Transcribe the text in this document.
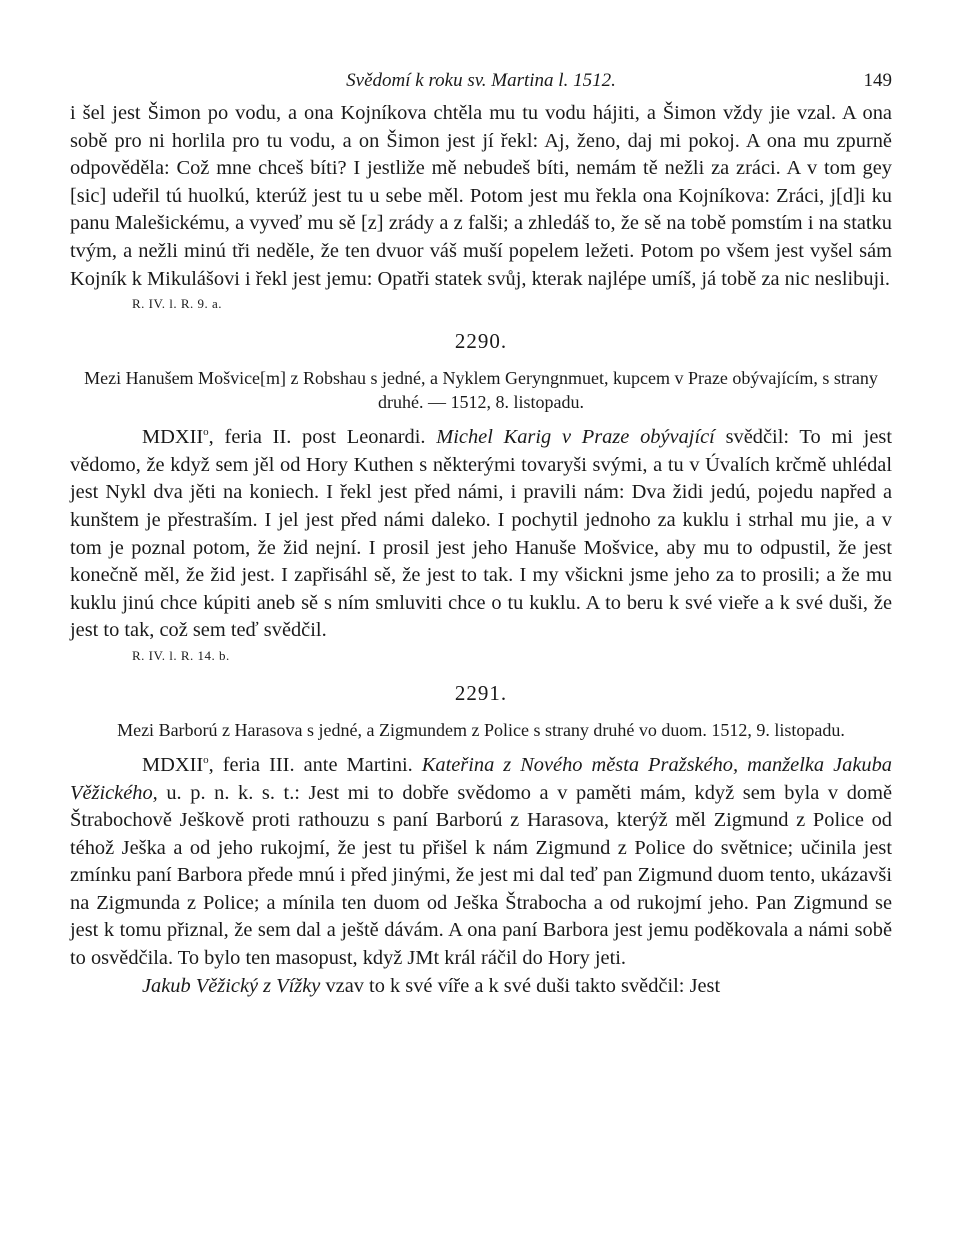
Svědomí k roku sv. Martina l. 1512.	149

i šel jest Šimon po vodu, a ona Kojníkova chtěla mu tu vodu hájiti, a Šimon vždy jie vzal. A ona sobě pro ni horlila pro tu vodu, a on Šimon jest jí řekl: Aj, ženo, daj mi pokoj. A ona mu zpurně odpověděla: Což mne chceš bíti? I jestliže mě nebudeš bíti, nemám tě nežli za zráci. A v tom gey [sic] udeřil tú huolkú, kterúž jest tu u sebe měl. Potom jest mu řekla ona Kojníkova: Zráci, j[d]i ku panu Malešickému, a vyveď mu sě [z] zrády a z falši; a zhledáš to, že sě na tobě pomstím i na statku tvým, a nežli minú tři neděle, že ten dvuor váš muší popelem ležeti. Potom po všem jest vyšel sám Kojník k Mikulášovi i řekl jest jemu: Opatři statek svůj, kterak najlépe umíš, já tobě za nic neslibuji.

R. IV. l. R. 9. a.

2290.
Mezi Hanušem Mošvice[m] z Robshau s jedné, a Nyklem Geryngnmuet, kupcem v Praze obývajícím, s strany druhé. — 1512, 8. listopadu.

MDXII$^o$, feria II. post Leonardi. Michel Karig v Praze obývající svědčil: To mi jest vědomo, že když sem jěl od Hory Kuthen s některými tovaryši svými, a tu v Úvalích krčmě uhlédal jest Nykl dva jěti na koniech. I řekl jest před námi, i pravili nám: Dva židi jedú, pojedu napřed a kunštem je přestraším. I jel jest před námi daleko. I pochytil jednoho za kuklu i strhal mu jie, a v tom je poznal potom, že žid nejní. I prosil jest jeho Hanuše Mošvice, aby mu to odpustil, že jest konečně měl, že žid jest. I zapřisáhl sě, že jest to tak. I my všickni jsme jeho za to prosili; a že mu kuklu jinú chce kúpiti aneb sě s ním smluviti chce o tu kuklu. A to beru k své vieře a k své duši, že jest to tak, což sem teď svědčil.

R. IV. l. R. 14. b.

2291.
Mezi Barború z Harasova s jedné, a Zigmundem z Police s strany druhé vo duom. 1512, 9. listopadu.

MDXII$^o$, feria III. ante Martini. Kateřina z Nového města Pražského, manželka Jakuba Věžického, u. p. n. k. s. t.: Jest mi to dobře svědomo a v paměti mám, když sem byla v domě Štrabochově Ješkově proti rathouzu s paní Barború z Harasova, kterýž měl Zigmund z Police od téhož Ješka a od jeho rukojmí, že jest tu přišel k nám Zigmund z Police do světnice; učinila jest zmínku paní Barbora přede mnú i před jinými, že jest mi dal teď pan Zigmund duom tento, ukázavši na Zigmunda z Police; a mínila ten duom od Ješka Štrabocha a od rukojmí jeho. Pan Zigmund se jest k tomu přiznal, že sem dal a ještě dávám. A ona paní Barbora jest jemu poděkovala a námi sobě to osvědčila. To bylo ten masopust, když JMt král ráčil do Hory jeti.

Jakub Věžický z Vížky vzav to k své víře a k své duši takto svědčil: Jest
